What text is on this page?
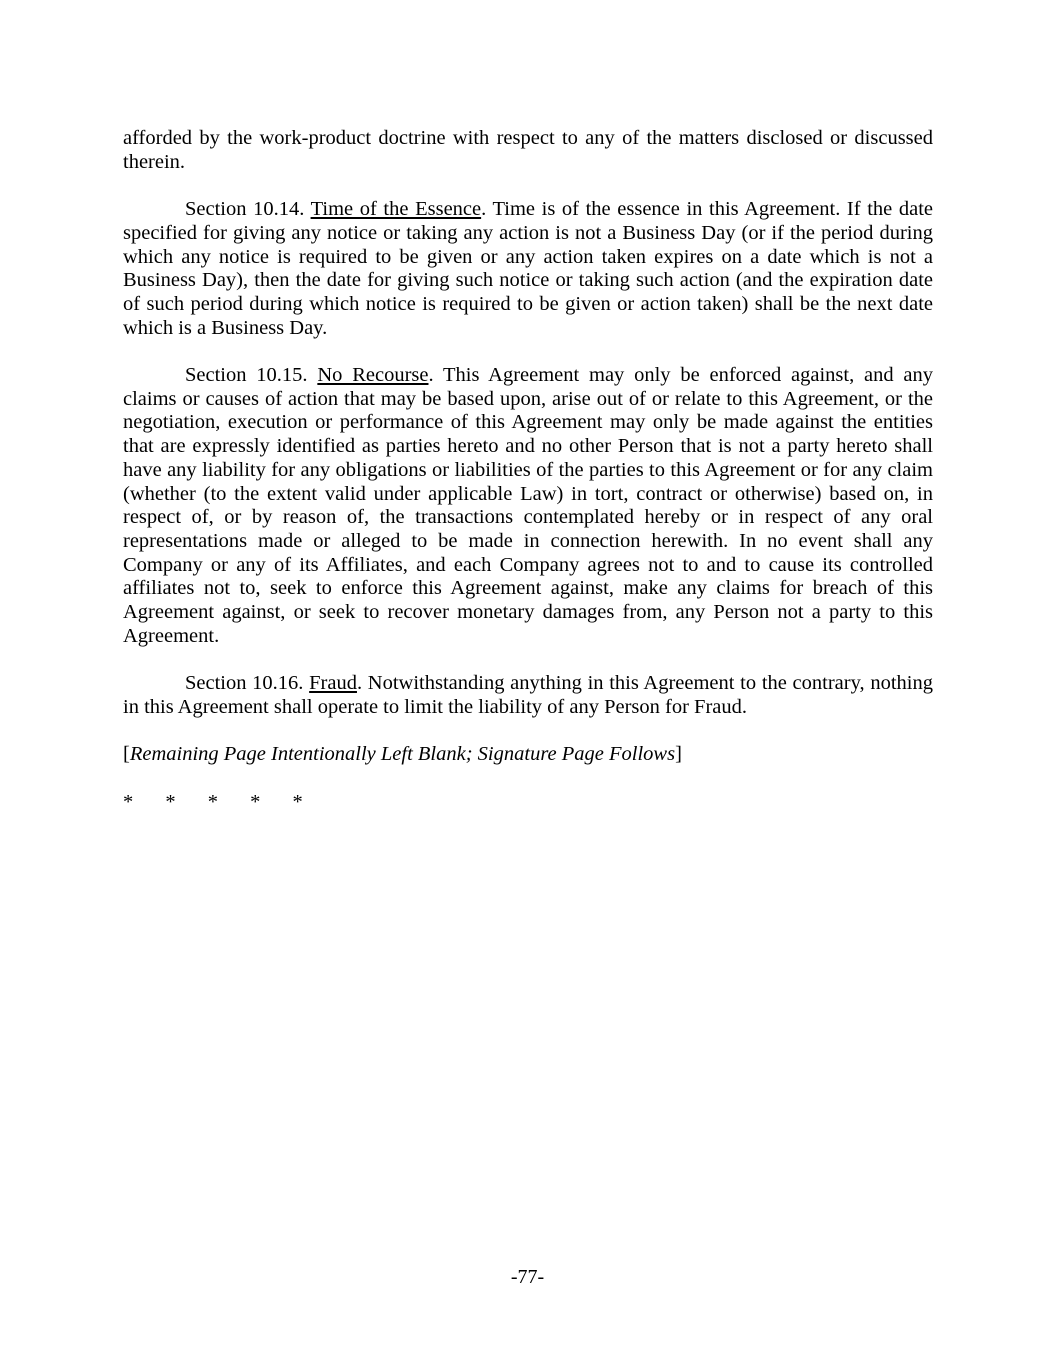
afforded by the work-product doctrine with respect to any of the matters disclosed or discussed therein.

Section 10.14. Time of the Essence. Time is of the essence in this Agreement. If the date specified for giving any notice or taking any action is not a Business Day (or if the period during which any notice is required to be given or any action taken expires on a date which is not a Business Day), then the date for giving such notice or taking such action (and the expiration date of such period during which notice is required to be given or action taken) shall be the next date which is a Business Day.

Section 10.15. No Recourse. This Agreement may only be enforced against, and any claims or causes of action that may be based upon, arise out of or relate to this Agreement, or the negotiation, execution or performance of this Agreement may only be made against the entities that are expressly identified as parties hereto and no other Person that is not a party hereto shall have any liability for any obligations or liabilities of the parties to this Agreement or for any claim (whether (to the extent valid under applicable Law) in tort, contract or otherwise) based on, in respect of, or by reason of, the transactions contemplated hereby or in respect of any oral representations made or alleged to be made in connection herewith. In no event shall any Company or any of its Affiliates, and each Company agrees not to and to cause its controlled affiliates not to, seek to enforce this Agreement against, make any claims for breach of this Agreement against, or seek to recover monetary damages from, any Person not a party to this Agreement.

Section 10.16. Fraud. Notwithstanding anything in this Agreement to the contrary, nothing in this Agreement shall operate to limit the liability of any Person for Fraud.

[Remaining Page Intentionally Left Blank; Signature Page Follows]

* * * * *

-77-
